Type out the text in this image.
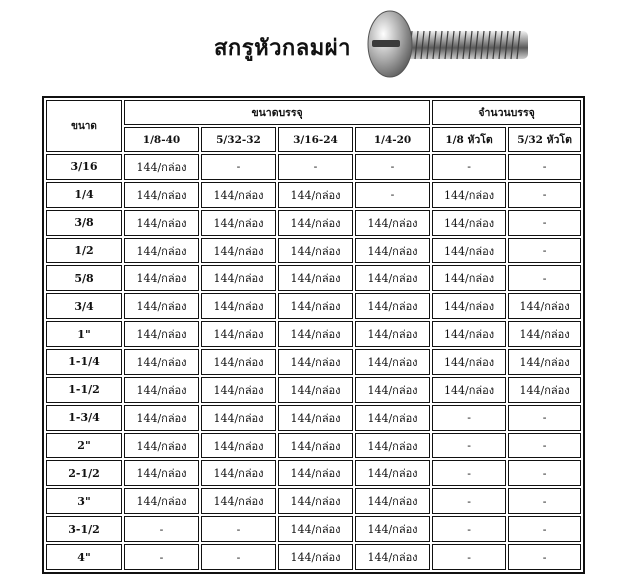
สกรูหัวกลมผ่า
ขนาด	ขนาดบรรจุ				จำนวนบรรจุ	
	1/8-40	5/32-32	3/16-24	1/4-20	1/8 หัวโต	5/32 หัวโต
3/16	144/กล่อง	-	-	-	-	-
1/4	144/กล่อง	144/กล่อง	144/กล่อง	-	144/กล่อง	-
3/8	144/กล่อง	144/กล่อง	144/กล่อง	144/กล่อง	144/กล่อง	-
1/2	144/กล่อง	144/กล่อง	144/กล่อง	144/กล่อง	144/กล่อง	-
5/8	144/กล่อง	144/กล่อง	144/กล่อง	144/กล่อง	144/กล่อง	-
3/4	144/กล่อง	144/กล่อง	144/กล่อง	144/กล่อง	144/กล่อง	144/กล่อง
1"	144/กล่อง	144/กล่อง	144/กล่อง	144/กล่อง	144/กล่อง	144/กล่อง
1-1/4	144/กล่อง	144/กล่อง	144/กล่อง	144/กล่อง	144/กล่อง	144/กล่อง
1-1/2	144/กล่อง	144/กล่อง	144/กล่อง	144/กล่อง	144/กล่อง	144/กล่อง
1-3/4	144/กล่อง	144/กล่อง	144/กล่อง	144/กล่อง	-	-
2"	144/กล่อง	144/กล่อง	144/กล่อง	144/กล่อง	-	-
2-1/2	144/กล่อง	144/กล่อง	144/กล่อง	144/กล่อง	-	-
3"	144/กล่อง	144/กล่อง	144/กล่อง	144/กล่อง	-	-
3-1/2	-	-	144/กล่อง	144/กล่อง	-	-
4"	-	-	144/กล่อง	144/กล่อง	-	-
